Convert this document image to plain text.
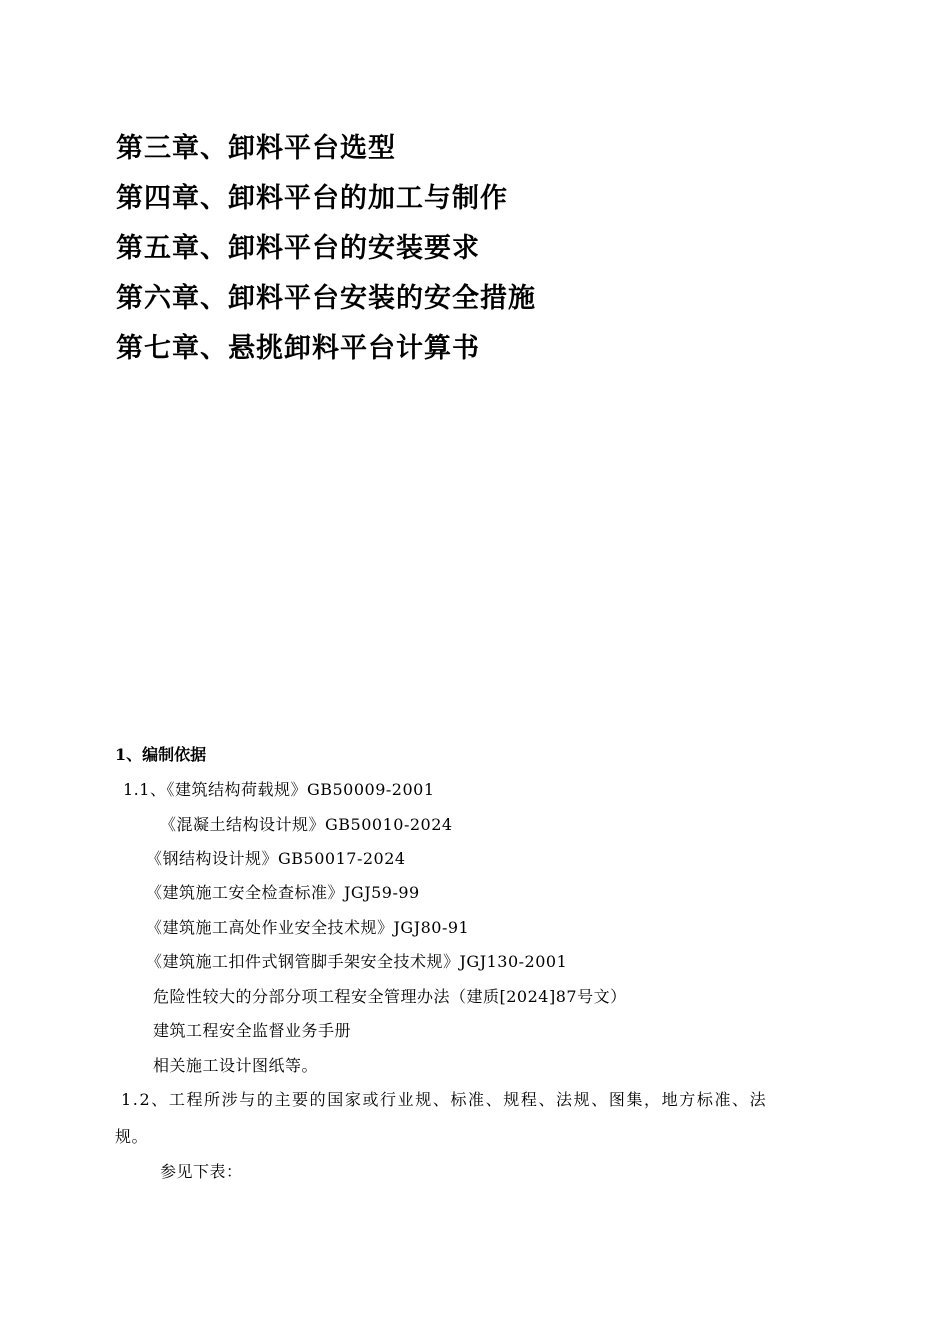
第三章、卸料平台选型
第四章、卸料平台的加工与制作
第五章、卸料平台的安装要求
第六章、卸料平台安装的安全措施
第七章、悬挑卸料平台计算书
1、编制依据
1.1、《建筑结构荷载规》GB50009-2001
《混凝土结构设计规》GB50010-2024
《钢结构设计规》GB50017-2024
《建筑施工安全检查标准》JGJ59-99
《建筑施工高处作业安全技术规》JGJ80-91
《建筑施工扣件式钢管脚手架安全技术规》JGJ130-2001
危险性较大的分部分项工程安全管理办法（建质[2024]87号文）
建筑工程安全监督业务手册
相关施工设计图纸等。
1.2、工程所涉与的主要的国家或行业规、标准、规程、法规、图集，地方标准、法
规。
参见下表：
